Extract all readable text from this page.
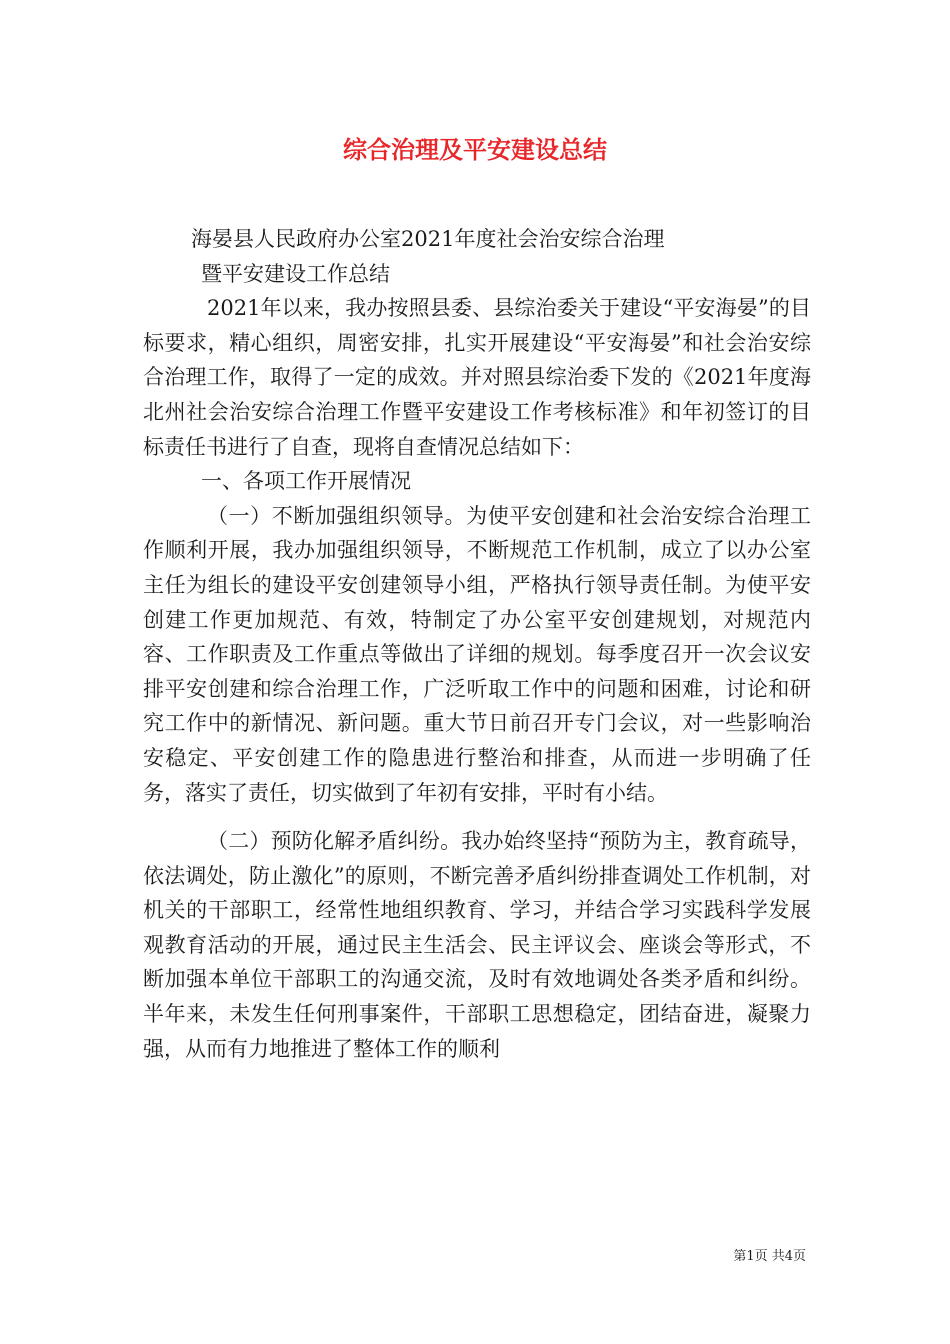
综合治理及平安建设总结

海晏县人民政府办公室2021年度社会治安综合治理

暨平安建设工作总结

2021年以来，我办按照县委、县综治委关于建设“平安海晏”的目标要求，精心组织，周密安排，扎实开展建设“平安海晏”和社会治安综合治理工作，取得了一定的成效。并对照县综治委下发的《2021年度海北州社会治安综合治理工作暨平安建设工作考核标准》和年初签订的目标责任书进行了自查，现将自查情况总结如下：

一、各项工作开展情况

（一）不断加强组织领导。为使平安创建和社会治安综合治理工作顺利开展，我办加强组织领导，不断规范工作机制，成立了以办公室主任为组长的建设平安创建领导小组，严格执行领导责任制。为使平安创建工作更加规范、有效，特制定了办公室平安创建规划，对规范内容、工作职责及工作重点等做出了详细的规划。每季度召开一次会议安排平安创建和综合治理工作，广泛听取工作中的问题和困难，讨论和研究工作中的新情况、新问题。重大节日前召开专门会议，对一些影响治安稳定、平安创建工作的隐患进行整治和排查，从而进一步明确了任务，落实了责任，切实做到了年初有安排，平时有小结。

（二）预防化解矛盾纠纷。我办始终坚持“预防为主，教育疏导，依法调处，防止激化”的原则，不断完善矛盾纠纷排查调处工作机制，对机关的干部职工，经常性地组织教育、学习，并结合学习实践科学发展观教育活动的开展，通过民主生活会、民主评议会、座谈会等形式，不断加强本单位干部职工的沟通交流，及时有效地调处各类矛盾和纠纷。半年来，未发生任何刑事案件，干部职工思想稳定，团结奋进，凝聚力强，从而有力地推进了整体工作的顺利

第1页 共4页
